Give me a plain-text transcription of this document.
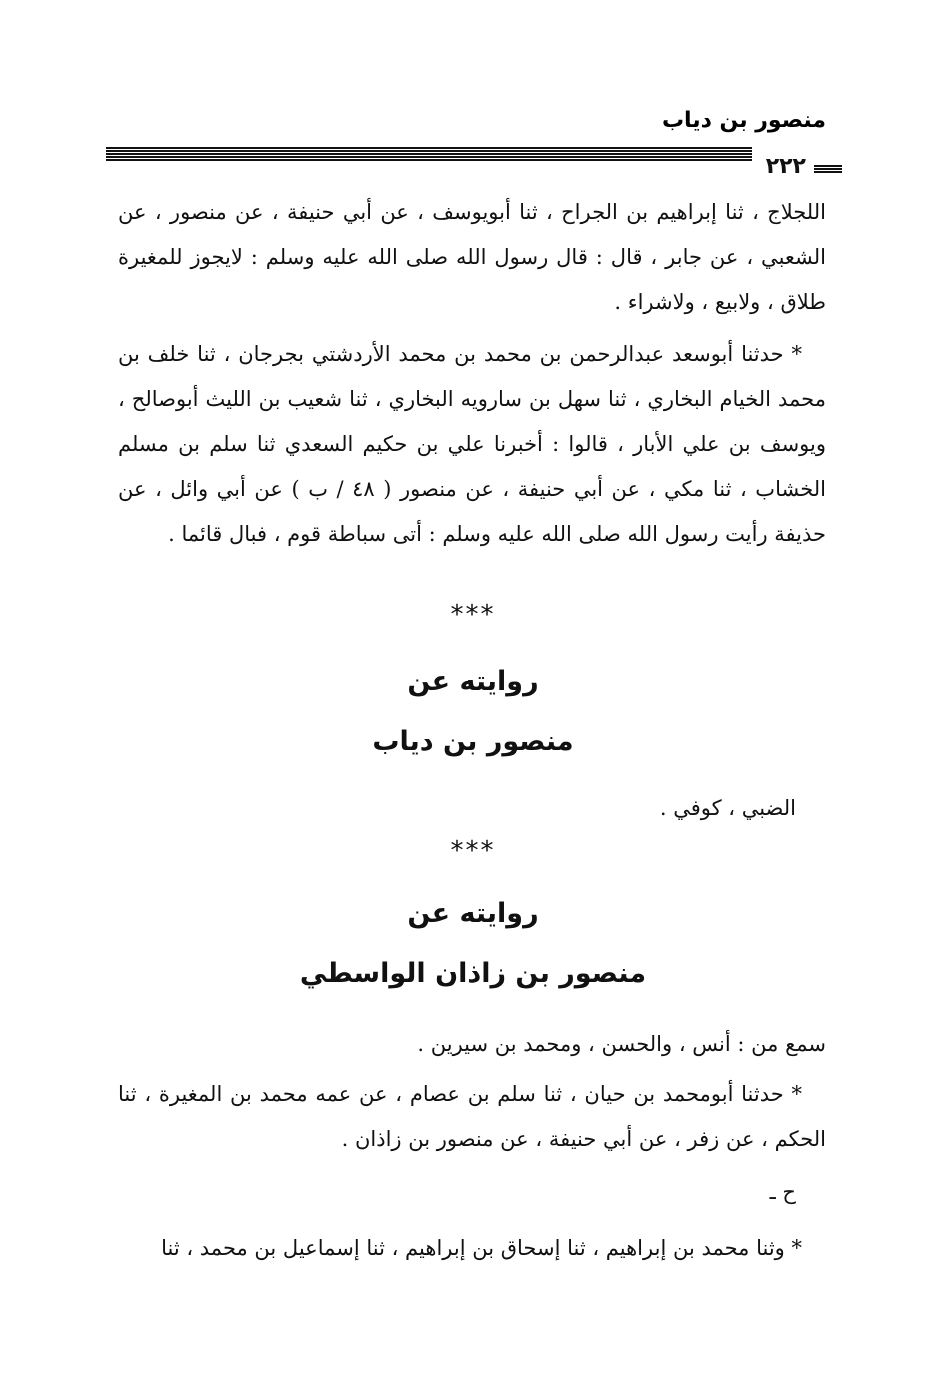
منصور بن دياب
٢٢٢

اللجلاج ، ثنا إبراهيم بن الجراح ، ثنا أبويوسف ، عن أبي حنيفة ، عن منصور ، عن الشعبي ، عن جابر ، قال : قال رسول الله صلى الله عليه وسلم : لايجوز للمغيرة طلاق ، ولابيع ، ولاشراء .

* حدثنا أبوسعد عبدالرحمن بن محمد بن محمد الأردشتي بجرجان ، ثنا خلف بن محمد الخيام البخاري ، ثنا سهل بن سارويه البخاري ، ثنا شعيب بن الليث أبوصالح ، ويوسف بن علي الأبار ، قالوا : أخبرنا علي بن حكيم السعدي ثنا سلم بن مسلم الخشاب ، ثنا مكي ، عن أبي حنيفة ، عن منصور ( ٤٨ / ب ) عن أبي وائل ، عن حذيفة رأيت رسول الله صلى الله عليه وسلم : أتى سباطة قوم ، فبال قائما .

***
روايته عن
منصور بن دياب
الضبي ، كوفي .
***
روايته عن
منصور بن زاذان الواسطي

سمع من : أنس ، والحسن ، ومحمد بن سيرين .

* حدثنا أبومحمد بن حيان ، ثنا سلم بن عصام ، عن عمه محمد بن المغيرة ، ثنا الحكم ، عن زفر ، عن أبي حنيفة ، عن منصور بن زاذان .

ح ـ

* وثنا محمد بن إبراهيم ، ثنا إسحاق بن إبراهيم ، ثنا إسماعيل بن محمد ، ثنا
